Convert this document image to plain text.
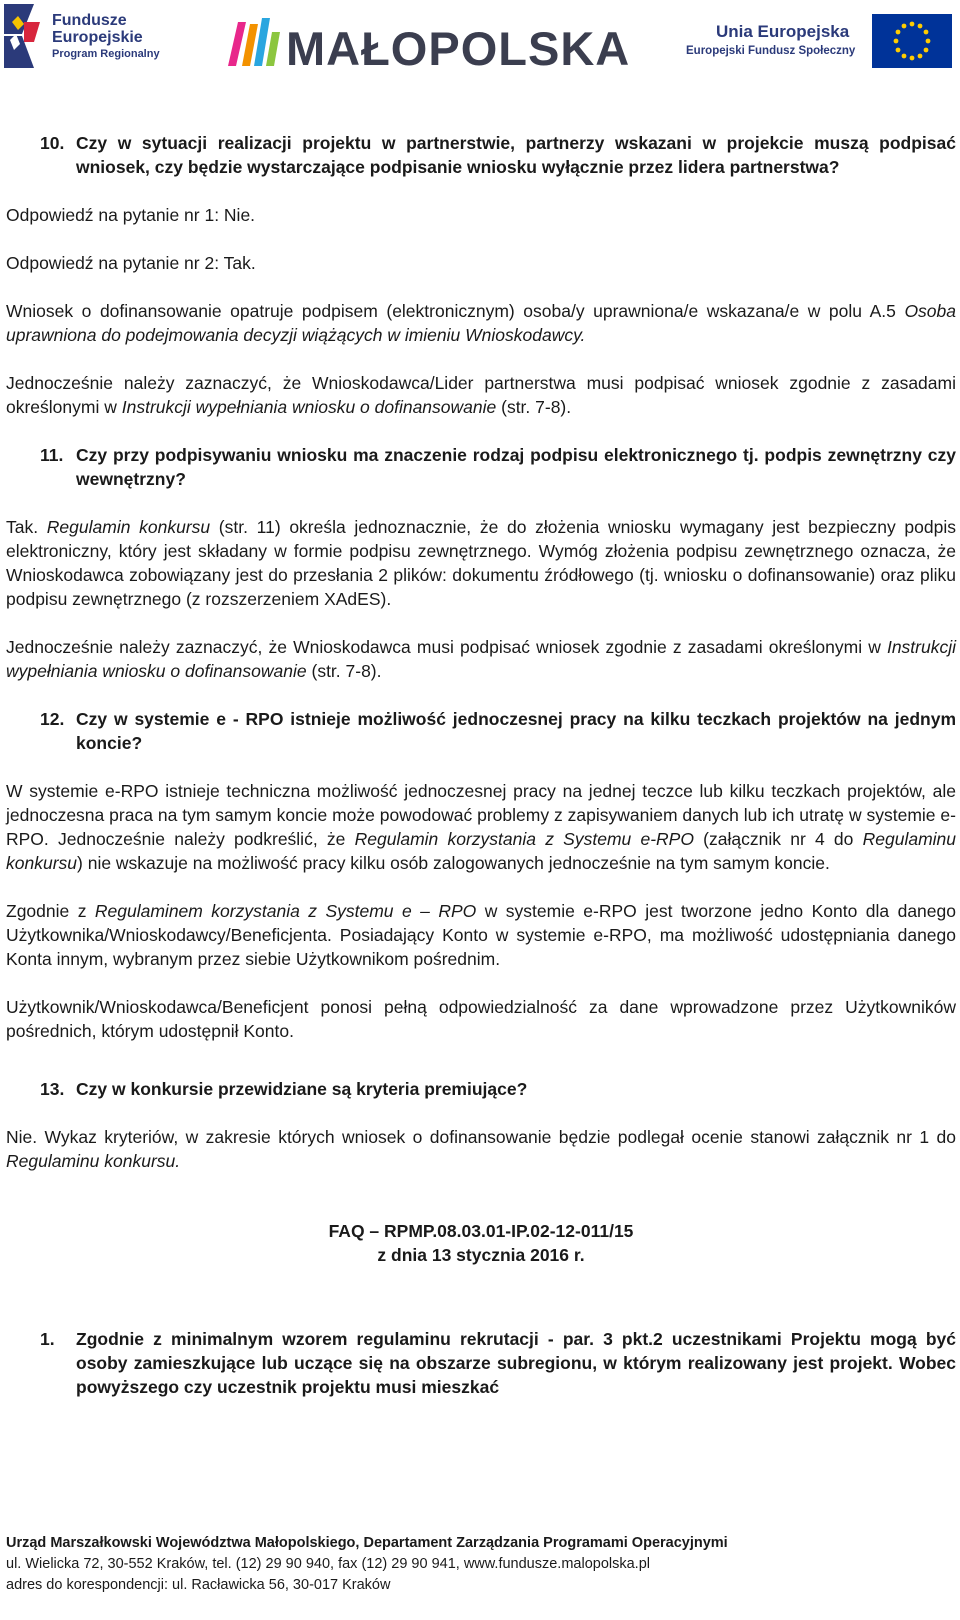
Fundusze Europejskie
Program Regionalny	MAŁOPOLSKA	Unia Europejska
Europejski Fundusz Społeczny
10. Czy w sytuacji realizacji projektu w partnerstwie, partnerzy wskazani w projekcie muszą podpisać wniosek, czy będzie wystarczające podpisanie wniosku wyłącznie przez lidera partnerstwa?

Odpowiedź na pytanie nr 1: Nie.

Odpowiedź na pytanie nr 2: Tak.

Wniosek o dofinansowanie opatruje podpisem (elektronicznym) osoba/y uprawniona/e wskazana/e w polu A.5 Osoba uprawniona do podejmowania decyzji wiążących w imieniu Wnioskodawcy.

Jednocześnie należy zaznaczyć, że Wnioskodawca/Lider partnerstwa musi podpisać wniosek zgodnie z zasadami określonymi w Instrukcji wypełniania wniosku o dofinansowanie (str. 7-8).

11. Czy przy podpisywaniu wniosku ma znaczenie rodzaj podpisu elektronicznego tj. podpis zewnętrzny czy wewnętrzny?

Tak. Regulamin konkursu (str. 11) określa jednoznacznie, że do złożenia wniosku wymagany jest bezpieczny podpis elektroniczny, który jest składany w formie podpisu zewnętrznego. Wymóg złożenia podpisu zewnętrznego oznacza, że Wnioskodawca zobowiązany jest do przesłania 2 plików: dokumentu źródłowego (tj. wniosku o dofinansowanie) oraz pliku podpisu zewnętrznego (z rozszerzeniem XAdES).

Jednocześnie należy zaznaczyć, że Wnioskodawca musi podpisać wniosek zgodnie z zasadami określonymi w Instrukcji wypełniania wniosku o dofinansowanie (str. 7-8).

12. Czy w systemie e - RPO istnieje możliwość jednoczesnej pracy na kilku teczkach projektów na jednym koncie?

W systemie e-RPO istnieje techniczna możliwość jednoczesnej pracy na jednej teczce lub kilku teczkach projektów, ale jednoczesna praca na tym samym koncie może powodować problemy z zapisywaniem danych lub ich utratę w systemie e-RPO. Jednocześnie należy podkreślić, że Regulamin korzystania z Systemu e-RPO (załącznik nr 4 do Regulaminu konkursu) nie wskazuje na możliwość pracy kilku osób zalogowanych jednocześnie na tym samym koncie.

Zgodnie z Regulaminem korzystania z Systemu e – RPO w systemie e-RPO jest tworzone jedno Konto dla danego Użytkownika/Wnioskodawcy/Beneficjenta. Posiadający Konto w systemie e-RPO, ma możliwość udostępniania danego Konta innym, wybranym przez siebie Użytkownikom pośrednim.

Użytkownik/Wnioskodawca/Beneficjent ponosi pełną odpowiedzialność za dane wprowadzone przez Użytkowników pośrednich, którym udostępnił Konto.

13. Czy w konkursie przewidziane są kryteria premiujące?

Nie. Wykaz kryteriów, w zakresie których wniosek o dofinansowanie będzie podlegał ocenie stanowi załącznik nr 1 do Regulaminu konkursu.

FAQ – RPMP.08.03.01-IP.02-12-011/15
z dnia 13 stycznia 2016 r.
1.	Zgodnie z minimalnym wzorem regulaminu rekrutacji - par. 3 pkt.2 uczestnikami Projektu mogą być osoby zamieszkujące lub uczące się na obszarze subregionu, w którym realizowany jest projekt. Wobec powyższego czy uczestnik projektu musi mieszkać
Urząd Marszałkowski Województwa Małopolskiego, Departament Zarządzania Programami Operacyjnymi
ul. Wielicka 72, 30-552 Kraków, tel. (12) 29 90 940, fax (12) 29 90 941, www.fundusze.malopolska.pl
adres do korespondencji: ul. Racławicka 56, 30-017 Kraków
